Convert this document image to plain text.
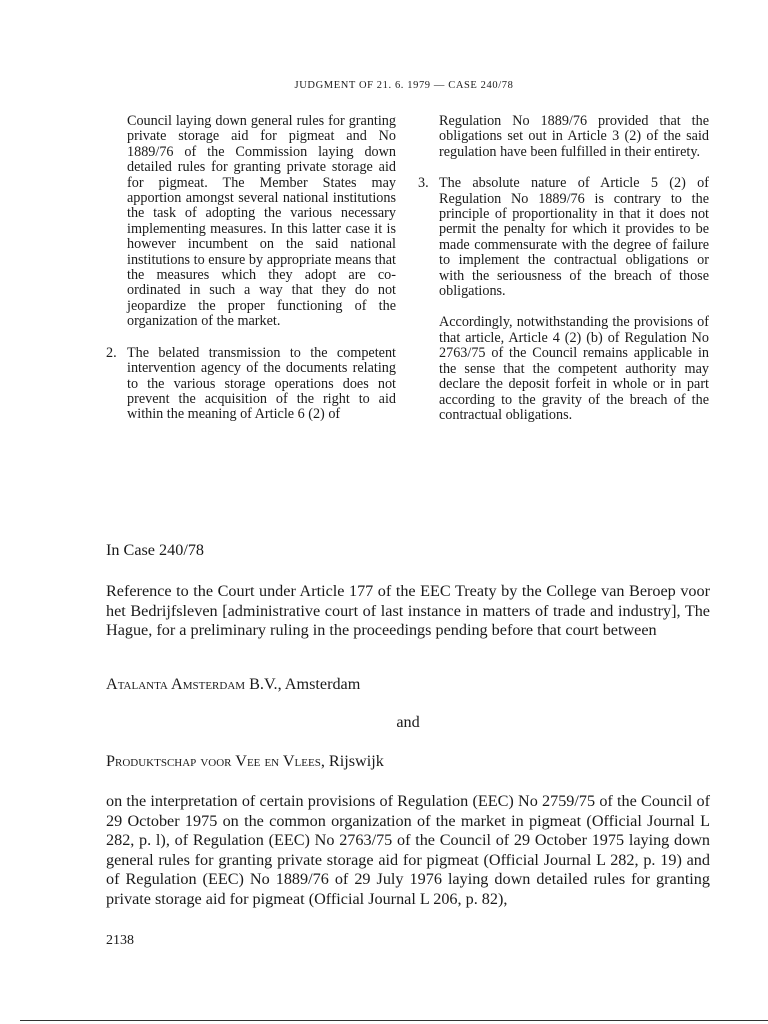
JUDGMENT OF 21. 6. 1979 — CASE 240/78

Council laying down general rules for granting private storage aid for pigmeat and No 1889/76 of the Commission laying down detailed rules for granting private storage aid for pigmeat. The Member States may apportion amongst several national institutions the task of adopting the various necessary implementing measures. In this latter case it is however incumbent on the said national institutions to ensure by appropriate means that the measures which they adopt are co-ordinated in such a way that they do not jeopardize the proper functioning of the organization of the market.

2. The belated transmission to the competent intervention agency of the documents relating to the various storage operations does not prevent the acquisition of the right to aid within the meaning of Article 6 (2) of

Regulation No 1889/76 provided that the obligations set out in Article 3 (2) of the said regulation have been fulfilled in their entirety.

3. The absolute nature of Article 5 (2) of Regulation No 1889/76 is contrary to the principle of proportionality in that it does not permit the penalty for which it provides to be made commensurate with the degree of failure to implement the contractual obligations or with the seriousness of the breach of those obligations.

Accordingly, notwithstanding the provisions of that article, Article 4 (2) (b) of Regulation No 2763/75 of the Council remains applicable in the sense that the competent authority may declare the deposit forfeit in whole or in part according to the gravity of the breach of the contractual obligations.

In Case 240/78
Reference to the Court under Article 177 of the EEC Treaty by the College van Beroep voor het Bedrijfsleven [administrative court of last instance in matters of trade and industry], The Hague, for a preliminary ruling in the proceedings pending before that court between
Atalanta Amsterdam B.V., Amsterdam
and
Produktschap voor Vee en Vlees, Rijswijk
on the interpretation of certain provisions of Regulation (EEC) No 2759/75 of the Council of 29 October 1975 on the common organization of the market in pigmeat (Official Journal L 282, p. l), of Regulation (EEC) No 2763/75 of the Council of 29 October 1975 laying down general rules for granting private storage aid for pigmeat (Official Journal L 282, p. 19) and of Regulation (EEC) No 1889/76 of 29 July 1976 laying down detailed rules for granting private storage aid for pigmeat (Official Journal L 206, p. 82),
2138
